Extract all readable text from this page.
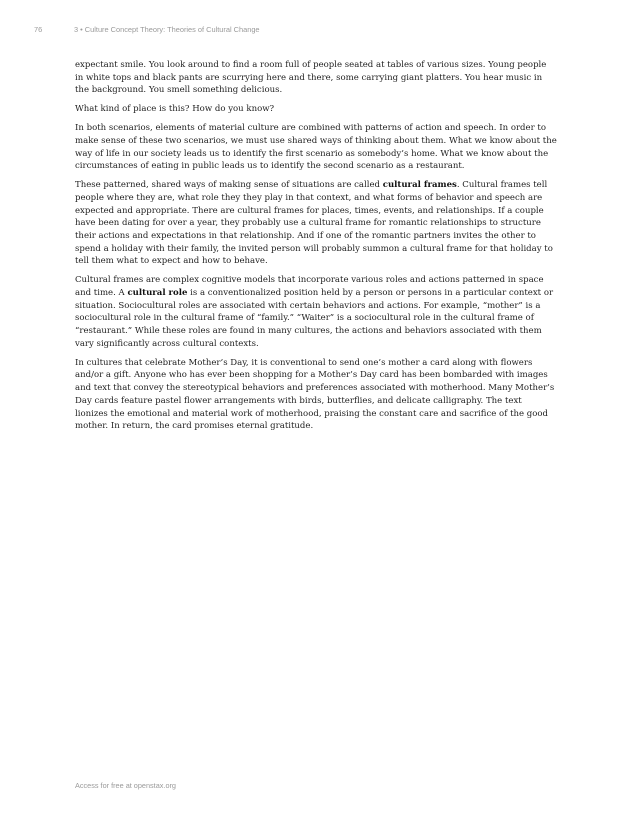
76	3 • Culture Concept Theory: Theories of Cultural Change

expectant smile. You look around to find a room full of people seated at tables of various sizes. Young people in white tops and black pants are scurrying here and there, some carrying giant platters. You hear music in the background. You smell something delicious.

What kind of place is this? How do you know?

In both scenarios, elements of material culture are combined with patterns of action and speech. In order to make sense of these two scenarios, we must use shared ways of thinking about them. What we know about the way of life in our society leads us to identify the first scenario as somebody’s home. What we know about the circumstances of eating in public leads us to identify the second scenario as a restaurant.

These patterned, shared ways of making sense of situations are called cultural frames. Cultural frames tell people where they are, what role they they play in that context, and what forms of behavior and speech are expected and appropriate. There are cultural frames for places, times, events, and relationships. If a couple have been dating for over a year, they probably use a cultural frame for romantic relationships to structure their actions and expectations in that relationship. And if one of the romantic partners invites the other to spend a holiday with their family, the invited person will probably summon a cultural frame for that holiday to tell them what to expect and how to behave.

Cultural frames are complex cognitive models that incorporate various roles and actions patterned in space and time. A cultural role is a conventionalized position held by a person or persons in a particular context or situation. Sociocultural roles are associated with certain behaviors and actions. For example, “mother” is a sociocultural role in the cultural frame of “family.” “Waiter” is a sociocultural role in the cultural frame of “restaurant.” While these roles are found in many cultures, the actions and behaviors associated with them vary significantly across cultural contexts.

In cultures that celebrate Mother’s Day, it is conventional to send one’s mother a card along with flowers and/or a gift. Anyone who has ever been shopping for a Mother’s Day card has been bombarded with images and text that convey the stereotypical behaviors and preferences associated with motherhood. Many Mother’s Day cards feature pastel flower arrangements with birds, butterflies, and delicate calligraphy. The text lionizes the emotional and material work of motherhood, praising the constant care and sacrifice of the good mother. In return, the card promises eternal gratitude.

Access for free at openstax.org
